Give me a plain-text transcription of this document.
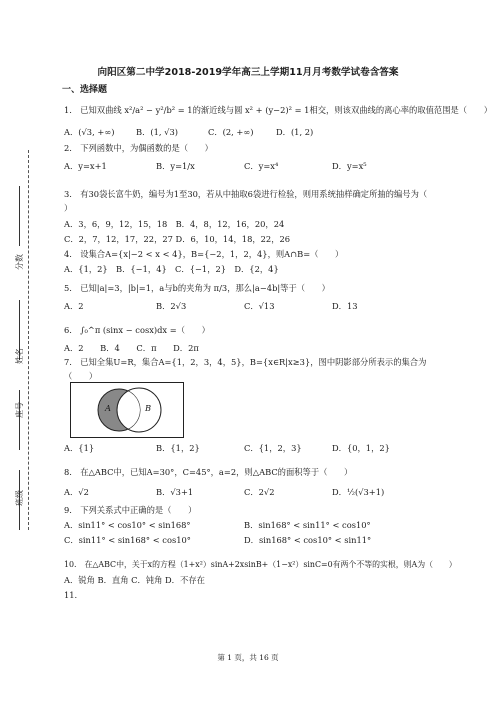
分数
姓名
座号
班级
向阳区第二中学2018-2019学年高三上学期11月月考数学试卷含答案
一、选择题
1.　已知双曲线 x²/a² − y²/b² = 1的渐近线与圆 x² + (y−2)² = 1相交，则该双曲线的离心率的取值范围是（　　）
A．(√3, +∞)	B．(1, √3)	C．(2, +∞)	D．(1, 2)
2.　下列函数中，为偶函数的是（　　）
A．y=x+1	B．y=1/x	C．y=x⁴	D．y=x⁵
3.　有30袋长富牛奶，编号为1至30，若从中抽取6袋进行检验，则用系统抽样确定所抽的编号为（
）
A．3，6，9，12，15，18　B．4，8，12，16，20，24
C．2，7，12，17，22，27 D．6，10，14，18，22，26
4.　设集合A={x|−2 < x < 4}，B={−2，1，2，4}，则A∩B=（　　）
A．{1，2}　B．{−1，4}　C．{−1，2}　D．{2，4}
5.　已知|a|=3，|b|=1，a与b的夹角为 π/3，那么|a−4b|等于（　　）
A．2	B．2√3	C．√13	D．13
6.　∫₀^π (sinx − cosx)dx =（　　）
A．2　　B．4　　C．π　　D．2π
7.　已知全集U=R，集合A={1，2，3，4，5}，B={x∈R|x≥3}，图中阴影部分所表示的集合为
（　　）
A	B
A．{1}	B．{1，2}	C．{1，2，3}	D．{0，1，2}
8.　在△ABC中，已知A=30°，C=45°，a=2，则△ABC的面积等于（　　）
A．√2	B．√3+1	C．2√2	D．½(√3+1)
9.　下列关系式中正确的是（　　）
A．sin11° < cos10° < sin168°	B．sin168° < sin11° < cos10°
C．sin11° < sin168° < cos10°	D．sin168° < cos10° < sin11°
10.　在△ABC中，关于x的方程（1+x²）sinA+2xsinB+（1−x²）sinC=0有两个不等的实根，则A为（　　）
A．锐角 B．直角 C．钝角 D．不存在
11.
第 1 页，共 16 页
